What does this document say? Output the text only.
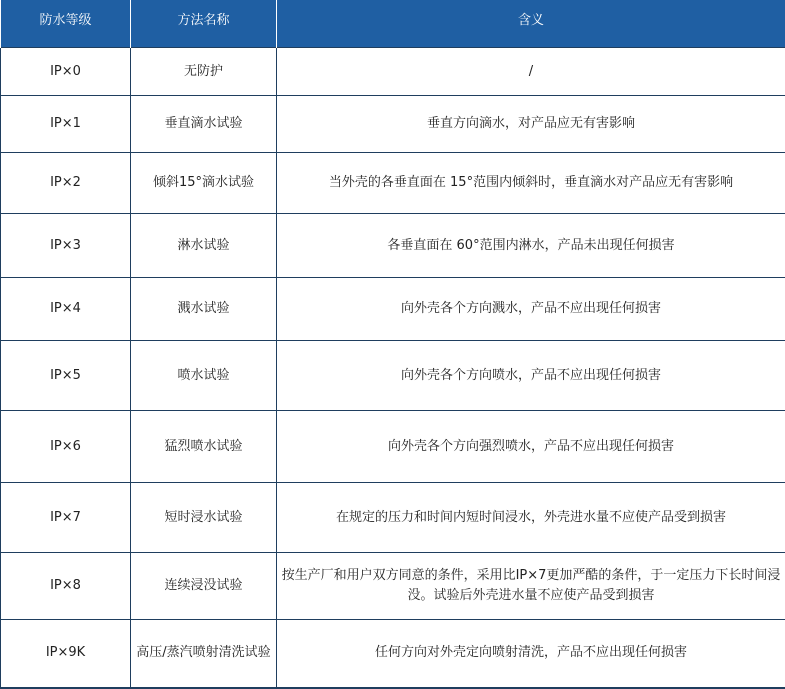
防水等级	方法名称	含义

IP×0	无防护	/
IP×1	垂直滴水试验	垂直方向滴水，对产品应无有害影响
IP×2	倾斜15°滴水试验	当外壳的各垂直面在 15°范围内倾斜时，垂直滴水对产品应无有害影响
IP×3	淋水试验	各垂直面在 60°范围内淋水，产品未出现任何损害
IP×4	溅水试验	向外壳各个方向溅水，产品不应出现任何损害
IP×5	喷水试验	向外壳各个方向喷水，产品不应出现任何损害
IP×6	猛烈喷水试验	向外壳各个方向强烈喷水，产品不应出现任何损害
IP×7	短时浸水试验	在规定的压力和时间内短时间浸水，外壳进水量不应使产品受到损害
IP×8	连续浸没试验	按生产厂和用户双方同意的条件，采用比IP×7更加严酷的条件，于一定压力下长时间浸没。试验后外壳进水量不应使产品受到损害
IP×9K	高压/蒸汽喷射清洗试验	任何方向对外壳定向喷射清洗，产品不应出现任何损害
